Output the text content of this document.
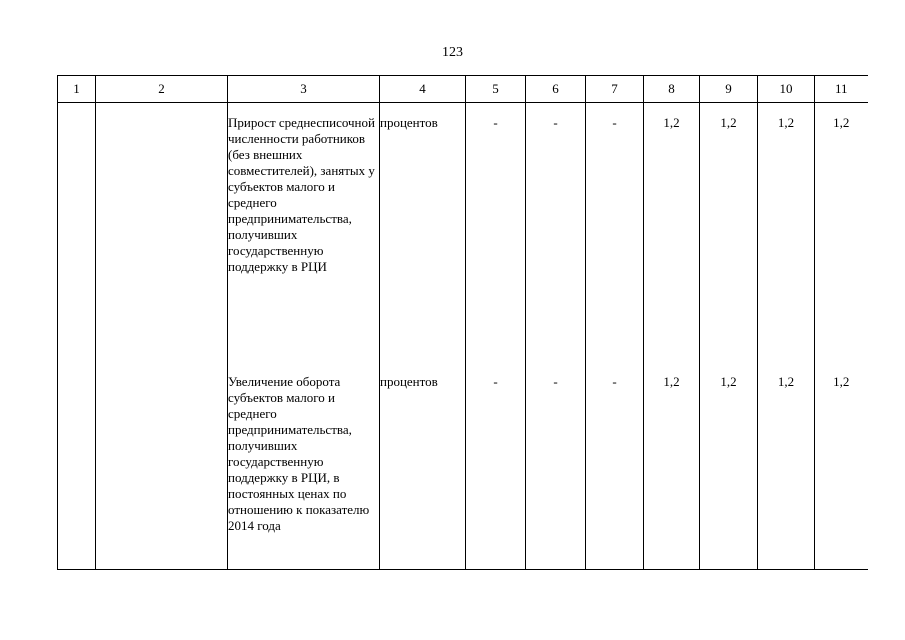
123
1	2	3	4	5	6	7	8	9	10	11
		Прирост среднесписочной численности работников (без внешних совместителей), занятых у субъектов малого и среднего предпринимательства, получивших государственную поддержку в РЦИ	процентов	-	-	-	1,2	1,2	1,2	1,2
		Увеличение оборота субъектов малого и среднего предпринимательства, получивших государственную поддержку в РЦИ, в постоянных ценах по отношению к показателю 2014 года	процентов	-	-	-	1,2	1,2	1,2	1,2
